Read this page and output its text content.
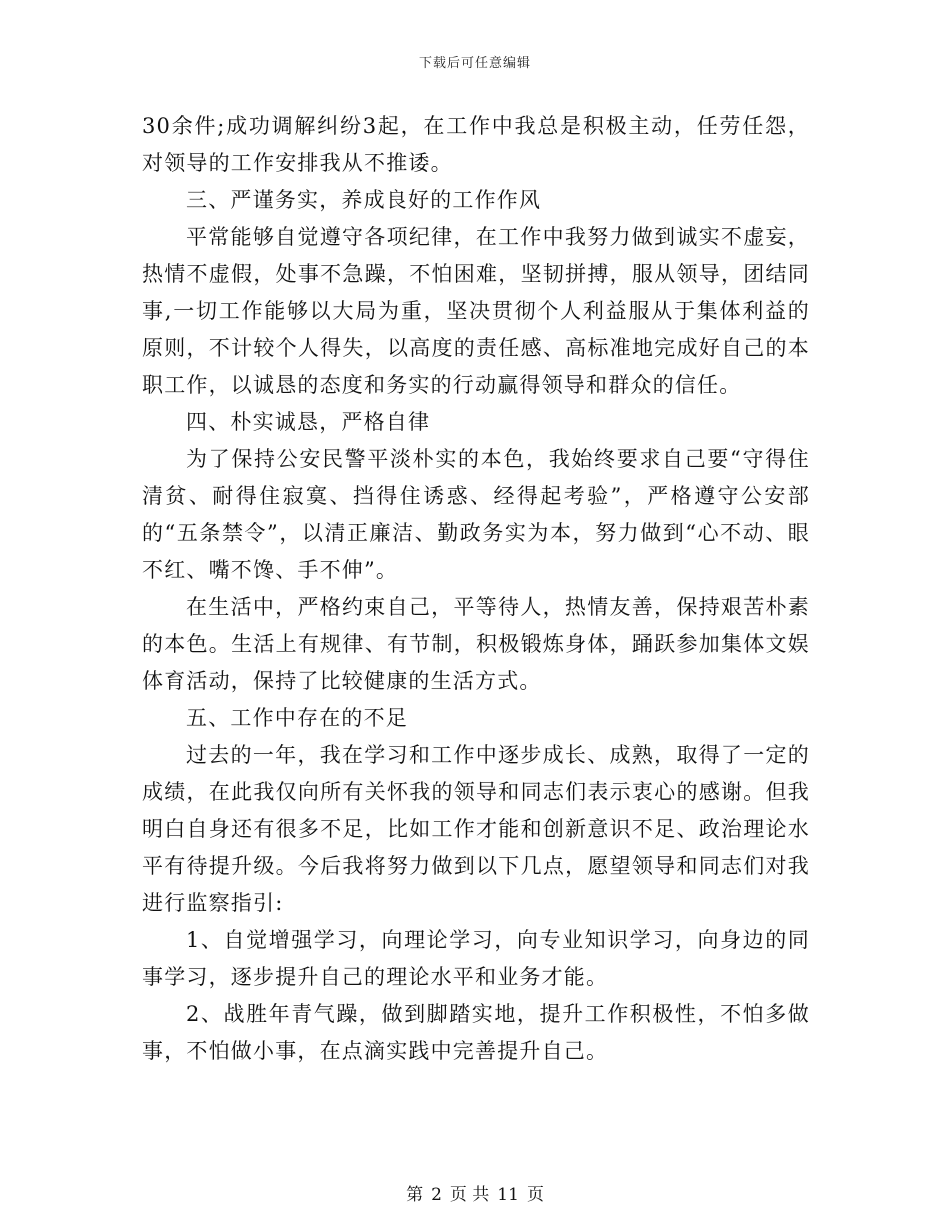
下载后可任意编辑

30余件;成功调解纠纷3起，在工作中我总是积极主动，任劳任怨，对领导的工作安排我从不推诿。

三、严谨务实，养成良好的工作作风

平常能够自觉遵守各项纪律，在工作中我努力做到诚实不虚妄，热情不虚假，处事不急躁，不怕困难，坚韧拼搏，服从领导，团结同事,一切工作能够以大局为重，坚决贯彻个人利益服从于集体利益的原则，不计较个人得失，以高度的责任感、高标准地完成好自己的本职工作，以诚恳的态度和务实的行动赢得领导和群众的信任。

四、朴实诚恳，严格自律

为了保持公安民警平淡朴实的本色，我始终要求自己要“守得住清贫、耐得住寂寞、挡得住诱惑、经得起考验”，严格遵守公安部的“五条禁令”，以清正廉洁、勤政务实为本，努力做到“心不动、眼不红、嘴不馋、手不伸”。

在生活中，严格约束自己，平等待人，热情友善，保持艰苦朴素的本色。生活上有规律、有节制，积极锻炼身体，踊跃参加集体文娱体育活动，保持了比较健康的生活方式。

五、工作中存在的不足

过去的一年，我在学习和工作中逐步成长、成熟，取得了一定的成绩，在此我仅向所有关怀我的领导和同志们表示衷心的感谢。但我明白自身还有很多不足，比如工作才能和创新意识不足、政治理论水平有待提升级。今后我将努力做到以下几点，愿望领导和同志们对我进行监察指引:

1、自觉增强学习，向理论学习，向专业知识学习，向身边的同事学习，逐步提升自己的理论水平和业务才能。

2、战胜年青气躁，做到脚踏实地，提升工作积极性，不怕多做事，不怕做小事，在点滴实践中完善提升自己。

第 2 页 共 11 页
